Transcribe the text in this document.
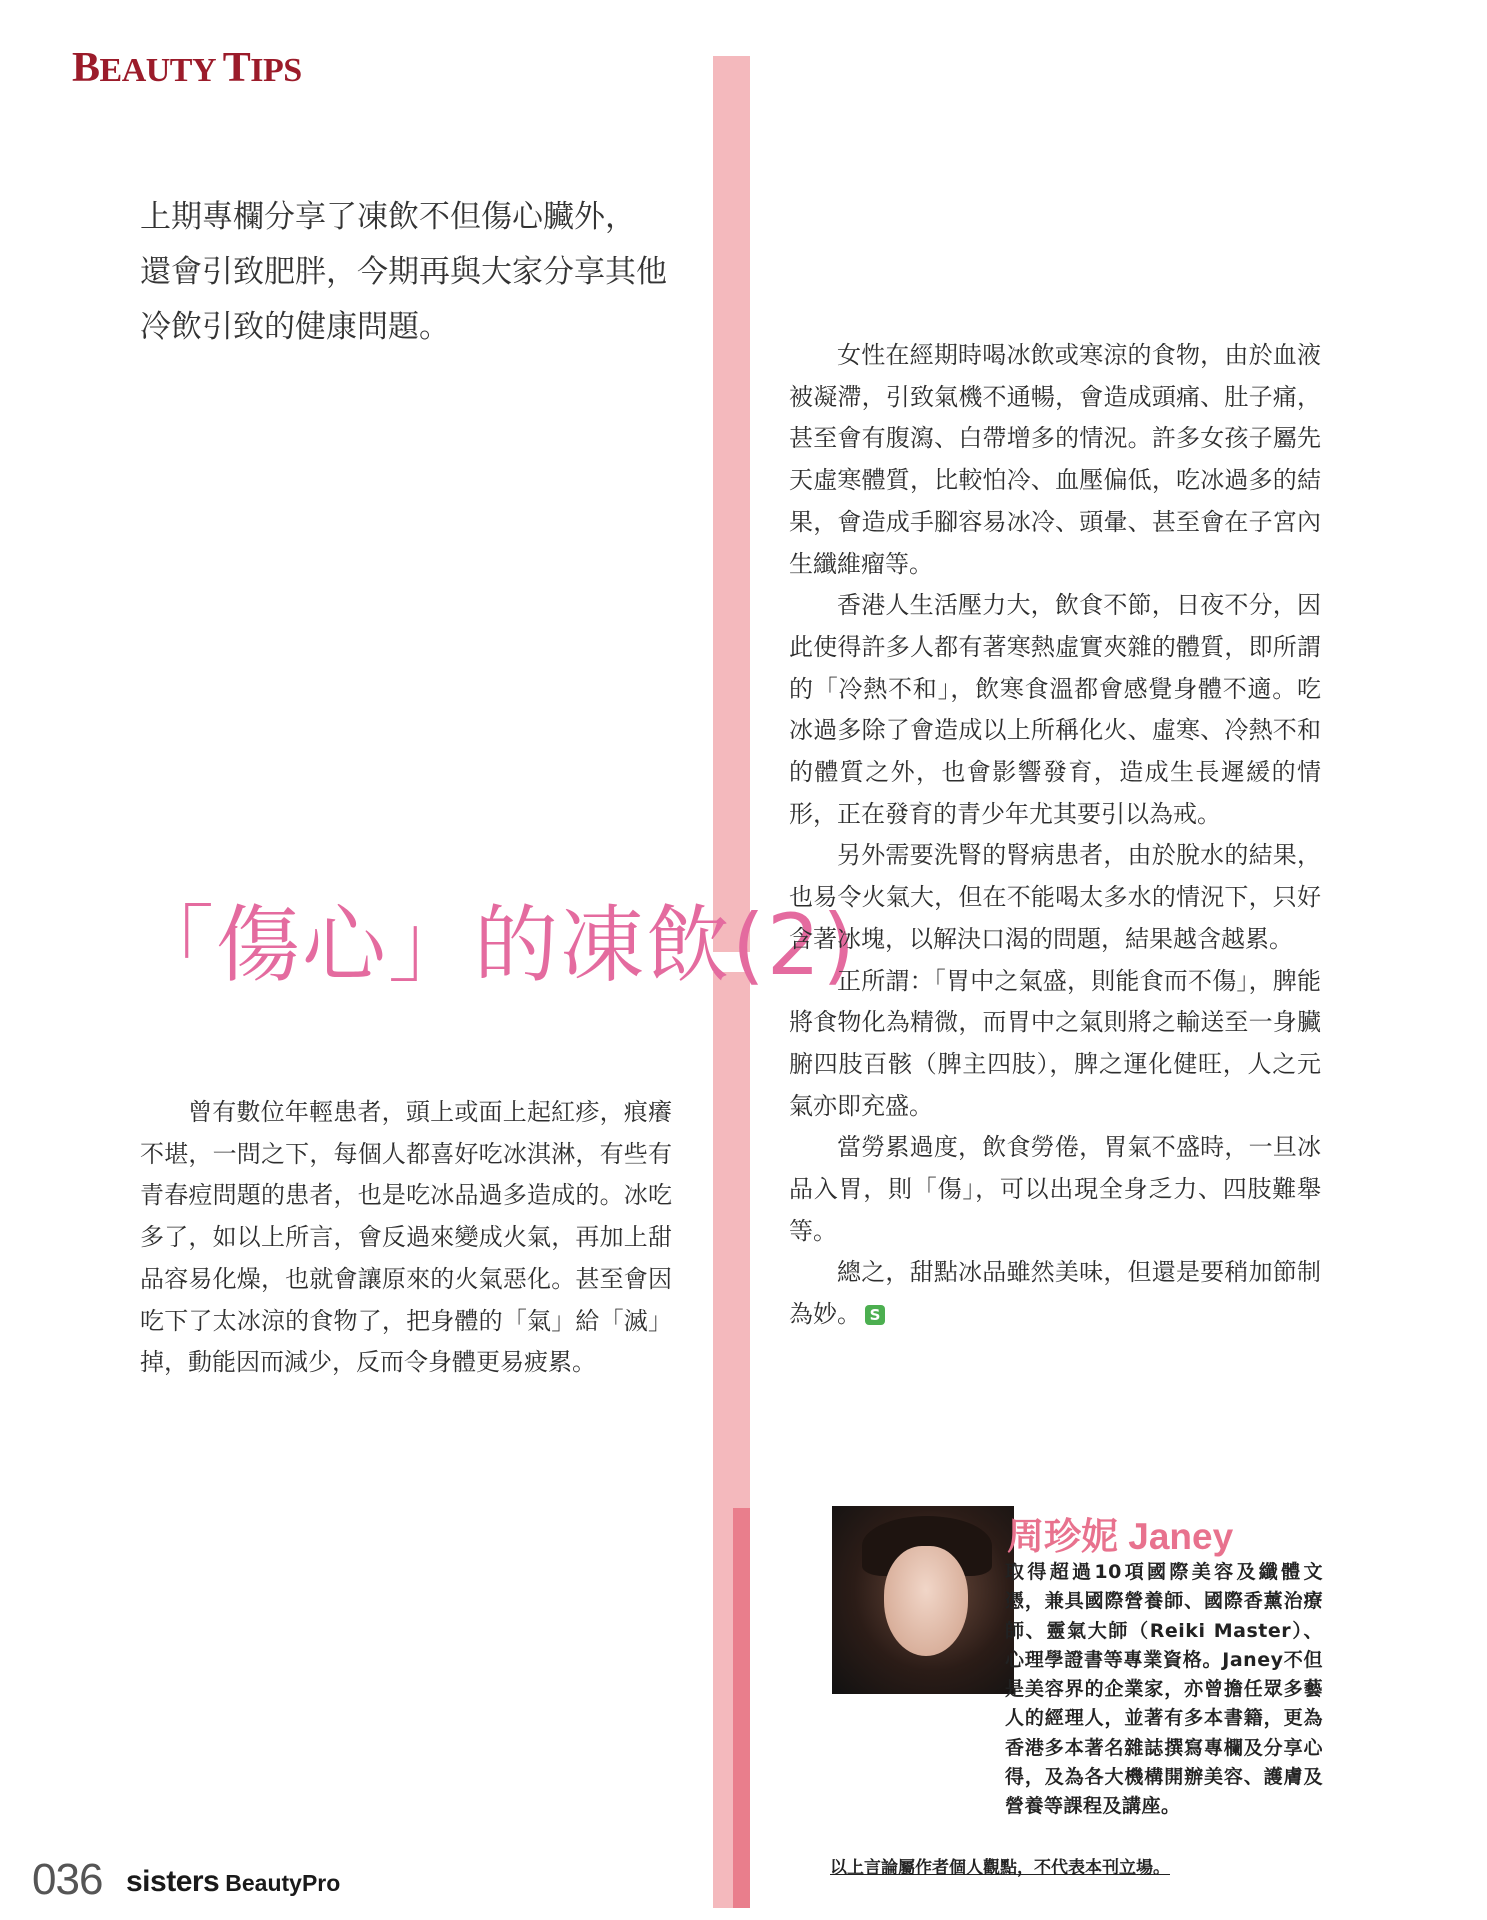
BEAUTY TIPS

上期專欄分享了凍飲不但傷心臟外，

還會引致肥胖，今期再與大家分享其他

冷飲引致的健康問題。

「傷心」的凍飲(2)

曾有數位年輕患者，頭上或面上起紅疹，痕癢不堪，一問之下，每個人都喜好吃冰淇淋，有些有青春痘問題的患者，也是吃冰品過多造成的。冰吃多了，如以上所言，會反過來變成火氣，再加上甜品容易化燥，也就會讓原來的火氣惡化。甚至會因吃下了太冰涼的食物了，把身體的「氣」給「滅」掉，動能因而減少，反而令身體更易疲累。

女性在經期時喝冰飲或寒涼的食物，由於血液被凝滯，引致氣機不通暢，會造成頭痛、肚子痛，甚至會有腹瀉、白帶增多的情況。許多女孩子屬先天虛寒體質，比較怕冷、血壓偏低，吃冰過多的結果，會造成手腳容易冰冷、頭暈、甚至會在子宮內生纖維瘤等。

香港人生活壓力大，飲食不節，日夜不分，因此使得許多人都有著寒熱虛實夾雜的體質，即所謂的「冷熱不和」，飲寒食溫都會感覺身體不適。吃冰過多除了會造成以上所稱化火、虛寒、冷熱不和的體質之外，也會影響發育，造成生長遲緩的情形，正在發育的青少年尤其要引以為戒。

另外需要洗腎的腎病患者，由於脫水的結果，也易令火氣大，但在不能喝太多水的情況下，只好含著冰塊，以解決口渴的問題，結果越含越累。

正所謂：「胃中之氣盛，則能食而不傷」，脾能將食物化為精微，而胃中之氣則將之輸送至一身臟腑四肢百骸（脾主四肢），脾之運化健旺，人之元氣亦即充盛。

當勞累過度，飲食勞倦，胃氣不盛時，一旦冰品入胃，則「傷」，可以出現全身乏力、四肢難舉等。

總之，甜點冰品雖然美味，但還是要稍加節制為妙。 S

周珍妮 Janey
取得超過10項國際美容及纖體文憑，兼具國際營養師、國際香薰治療師、靈氣大師（Reiki Master）、心理學證書等專業資格。Janey不但是美容界的企業家，亦曾擔任眾多藝人的經理人，並著有多本書籍，更為香港多本著名雜誌撰寫專欄及分享心得，及為各大機構開辦美容、護膚及營養等課程及講座。
以上言論屬作者個人觀點，不代表本刊立場。
036 sisters BeautyPro
